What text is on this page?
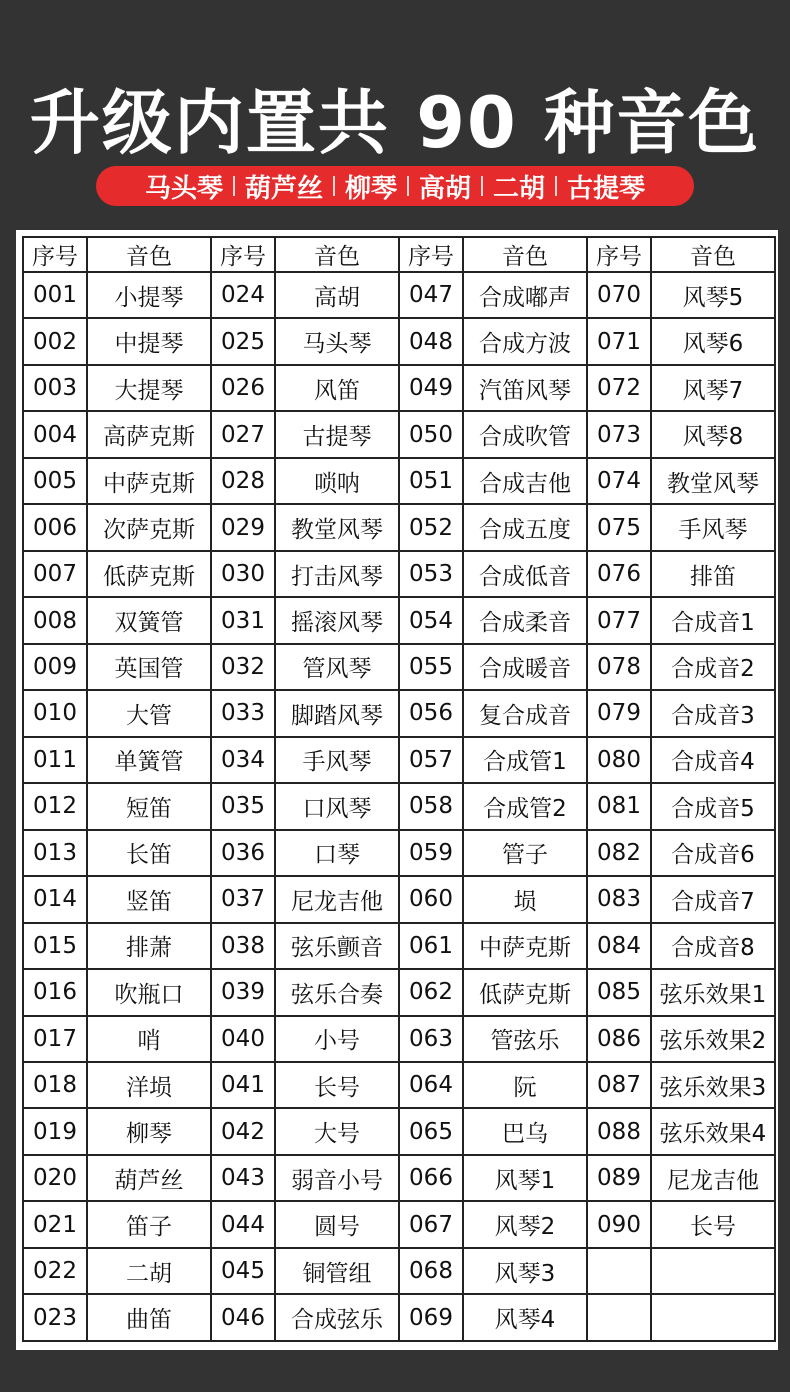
升级内置共 90 种音色
马头琴 葫芦丝 柳琴 高胡 二胡 古提琴
序号	音色	序号	音色	序号	音色	序号	音色
001	小提琴	024	高胡	047	合成嘟声	070	风琴5
002	中提琴	025	马头琴	048	合成方波	071	风琴6
003	大提琴	026	风笛	049	汽笛风琴	072	风琴7
004	高萨克斯	027	古提琴	050	合成吹管	073	风琴8
005	中萨克斯	028	唢呐	051	合成吉他	074	教堂风琴
006	次萨克斯	029	教堂风琴	052	合成五度	075	手风琴
007	低萨克斯	030	打击风琴	053	合成低音	076	排笛
008	双簧管	031	摇滚风琴	054	合成柔音	077	合成音1
009	英国管	032	管风琴	055	合成暖音	078	合成音2
010	大管	033	脚踏风琴	056	复合成音	079	合成音3
011	单簧管	034	手风琴	057	合成管1	080	合成音4
012	短笛	035	口风琴	058	合成管2	081	合成音5
013	长笛	036	口琴	059	管子	082	合成音6
014	竖笛	037	尼龙吉他	060	埙	083	合成音7
015	排萧	038	弦乐颤音	061	中萨克斯	084	合成音8
016	吹瓶口	039	弦乐合奏	062	低萨克斯	085	弦乐效果1
017	哨	040	小号	063	管弦乐	086	弦乐效果2
018	洋埙	041	长号	064	阮	087	弦乐效果3
019	柳琴	042	大号	065	巴乌	088	弦乐效果4
020	葫芦丝	043	弱音小号	066	风琴1	089	尼龙吉他
021	笛子	044	圆号	067	风琴2	090	长号
022	二胡	045	铜管组	068	风琴3		
023	曲笛	046	合成弦乐	069	风琴4		
